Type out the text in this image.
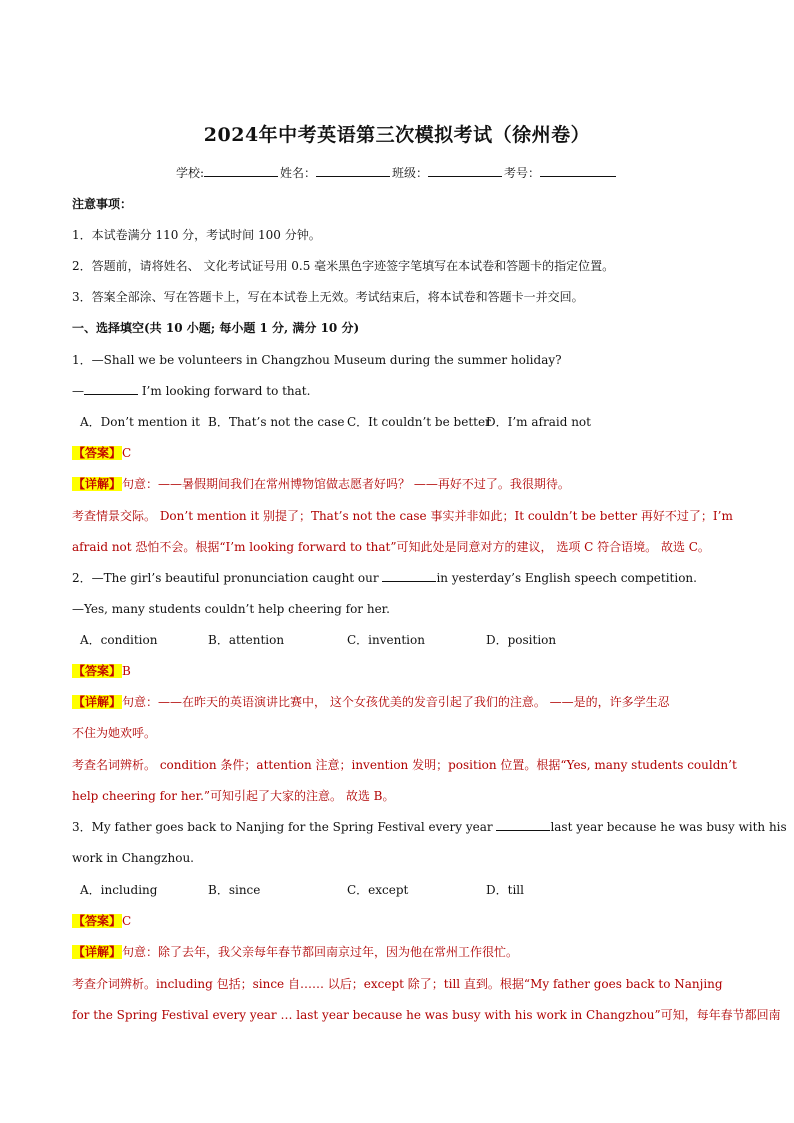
2024年中考英语第三次模拟考试（徐州卷）
学校:	姓名：	班级：	考号：
注意事项：
1．本试卷满分 110 分，考试时间 100 分钟。
2．答题前，请将姓名、 文化考试证号用 0.5 毫米黑色字迹签字笔填写在本试卷和答题卡的指定位置。
3．答案全部涂、写在答题卡上，写在本试卷上无效。考试结束后，将本试卷和答题卡一并交回。
一、选择填空(共 10 小题; 每小题 1 分, 满分 10 分)
1．—Shall we be volunteers in Changzhou Museum during the summer holiday?
—	I’m looking forward to that.
A．Don’t mention it B．That’s not the case C．It couldn’t be betterD．I’m afraid not
【答案】C
【详解】句意：——暑假期间我们在常州博物馆做志愿者好吗？ ——再好不过了。我很期待。
考查情景交际。 Don’t mention it 别提了；That’s not the case 事实并非如此；It couldn’t be better 再好不过了；I’m
afraid not 恐怕不会。根据“I’m looking forward to that”可知此处是同意对方的建议， 选项 C 符合语境。 故选 C。
2．—The girl’s beautiful pronunciation caught our	in yesterday’s English speech competition.
—Yes, many students couldn’t help cheering for her.
A．condition	B．attention	C．invention	D．position
【答案】B
【详解】句意：——在昨天的英语演讲比赛中， 这个女孩优美的发音引起了我们的注意。 ——是的，许多学生忍
不住为她欢呼。
考查名词辨析。 condition 条件；attention 注意；invention 发明；position 位置。根据“Yes, many students couldn’t
help cheering for her.”可知引起了大家的注意。 故选 B。
3．My father goes back to Nanjing for the Spring Festival every year	last year because he was busy with his
work in Changzhou.
A．including	B．since	C．except	D．till
【答案】C
【详解】句意：除了去年，我父亲每年春节都回南京过年，因为他在常州工作很忙。
考查介词辨析。including 包括；since 自…… 以后；except 除了；till 直到。根据“My father goes back to Nanjing
for the Spring Festival every year … last year because he was busy with his work in Changzhou”可知，每年春节都回南
